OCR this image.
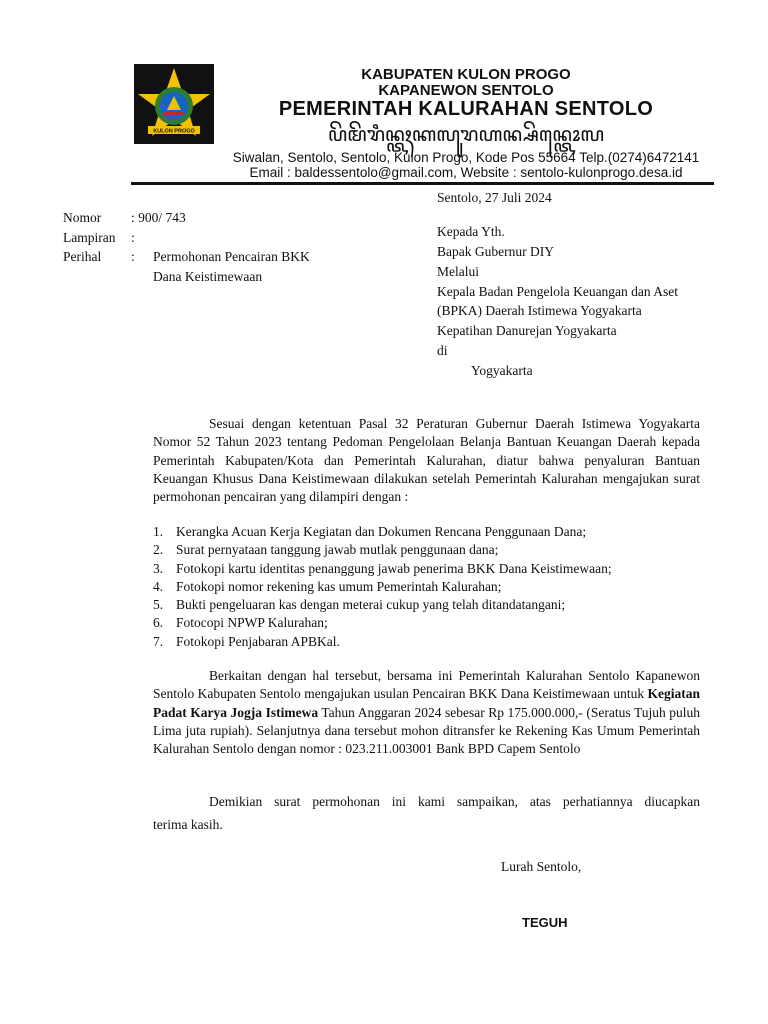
KULON PROGO
KABUPATEN KULON PROGO
KAPANEWON SENTOLO
PEMERINTAH KALURAHAN SENTOLO
ꦥꦼꦩꦼꦫꦶꦤ꧀ꦠꦃꦏꦭꦸꦫꦲꦤ꧀ꦱꦼꦤ꧀ꦠꦺꦴꦭ
Siwalan, Sentolo, Sentolo, Kulon Progo, Kode Pos 55664 Telp.(0274)6472141
Email : baldessentolo@gmail.com, Website : sentolo-kulonprogo.desa.id
Sentolo, 27 Juli 2024
Nomor : 900/ 743
Lampiran :
Perihal : Permohonan Pencairan BKK
Dana Keistimewaan
Kepada Yth.
Bapak Gubernur DIY
Melalui
Kepala Badan Pengelola Keuangan dan Aset
(BPKA) Daerah Istimewa Yogyakarta
Kepatihan Danurejan Yogyakarta
di
Yogyakarta
Sesuai dengan ketentuan Pasal 32 Peraturan Gubernur Daerah Istimewa Yogyakarta Nomor 52 Tahun 2023 tentang Pedoman Pengelolaan Belanja Bantuan Keuangan Daerah kepada Pemerintah Kabupaten/Kota dan Pemerintah Kalurahan, diatur bahwa penyaluran Bantuan Keuangan Khusus Dana Keistimewaan dilakukan setelah Pemerintah Kalurahan mengajukan surat permohonan pencairan yang dilampiri dengan :
1. Kerangka Acuan Kerja Kegiatan dan Dokumen Rencana Penggunaan Dana;
2. Surat pernyataan tanggung jawab mutlak penggunaan dana;
3. Fotokopi kartu identitas penanggung jawab penerima BKK Dana Keistimewaan;
4. Fotokopi nomor rekening kas umum Pemerintah Kalurahan;
5. Bukti pengeluaran kas dengan meterai cukup yang telah ditandatangani;
6. Fotocopi NPWP Kalurahan;
7. Fotokopi Penjabaran APBKal.
Berkaitan dengan hal tersebut, bersama ini Pemerintah Kalurahan Sentolo Kapanewon Sentolo Kabupaten Sentolo mengajukan usulan Pencairan BKK Dana Keistimewaan untuk Kegiatan Padat Karya Jogja Istimewa Tahun Anggaran 2024 sebesar Rp 175.000.000,- (Seratus Tujuh puluh Lima juta rupiah). Selanjutnya dana tersebut mohon ditransfer ke Rekening Kas Umum Pemerintah Kalurahan Sentolo dengan nomor : 023.211.003001 Bank BPD Capem Sentolo
Demikian surat permohonan ini kami sampaikan, atas perhatiannya diucapkan
terima kasih.
Lurah Sentolo,
TEGUH
